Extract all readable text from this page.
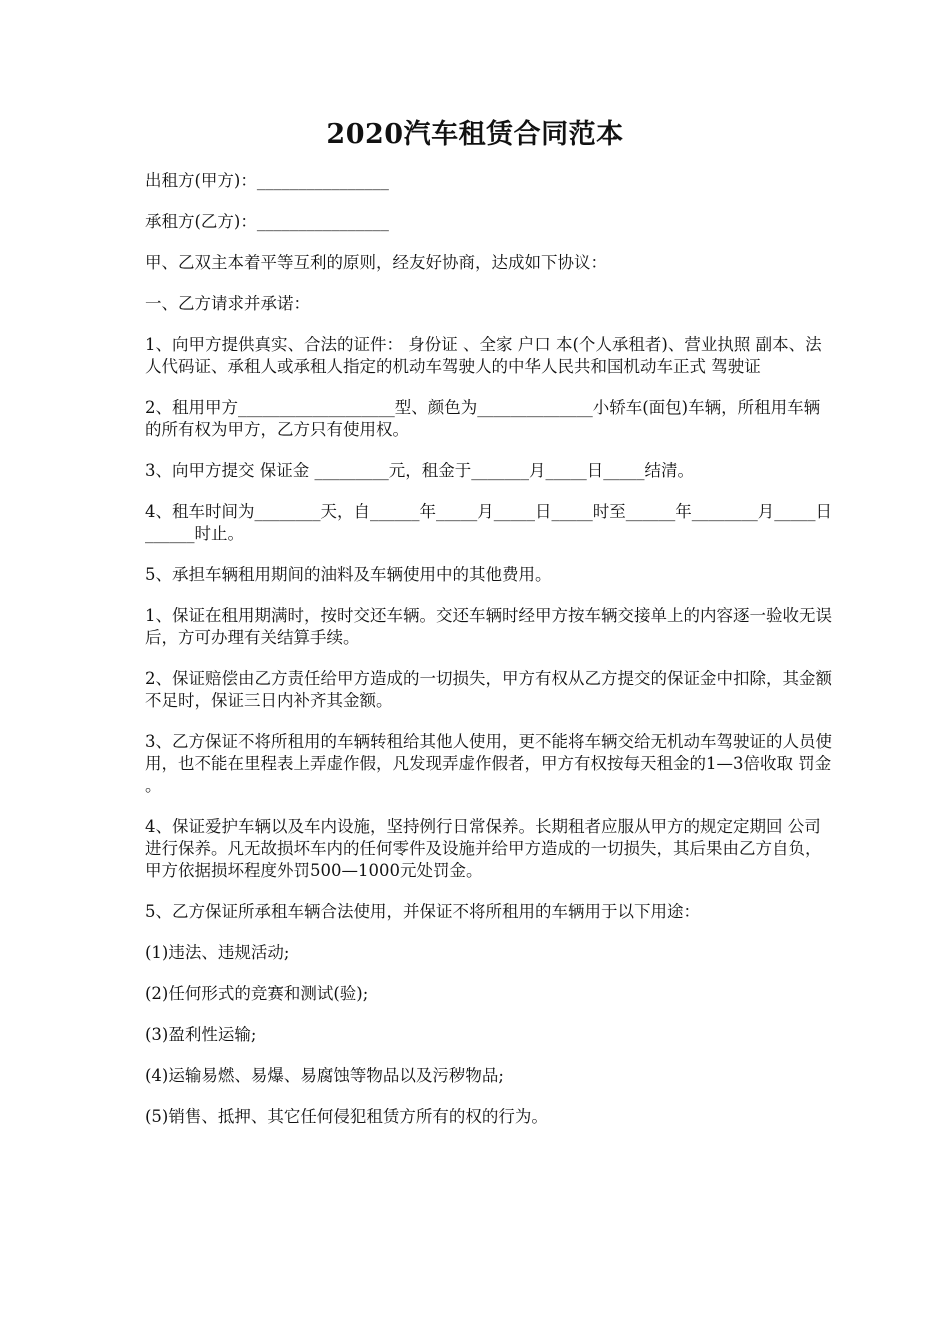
2020汽车租赁合同范本

出租方(甲方)：________________

承租方(乙方)：________________

甲、乙双主本着平等互利的原则，经友好协商，达成如下协议：

一、乙方请求并承诺：

1、向甲方提供真实、合法的证件： 身份证 、全家 户口 本(个人承租者)、营业执照 副本、法人代码证、承租人或承租人指定的机动车驾驶人的中华人民共和国机动车正式 驾驶证

2、租用甲方___________________型、颜色为______________小轿车(面包)车辆，所租用车辆的所有权为甲方，乙方只有使用权。

3、向甲方提交 保证金 _________元，租金于_______月_____日_____结清。

4、租车时间为________天，自______年_____月_____日_____时至______年________月_____日______时止。

5、承担车辆租用期间的油料及车辆使用中的其他费用。

1、保证在租用期满时，按时交还车辆。交还车辆时经甲方按车辆交接单上的内容逐一验收无误后，方可办理有关结算手续。

2、保证赔偿由乙方责任给甲方造成的一切损失，甲方有权从乙方提交的保证金中扣除，其金额不足时，保证三日内补齐其金额。

3、乙方保证不将所租用的车辆转租给其他人使用，更不能将车辆交给无机动车驾驶证的人员使用，也不能在里程表上弄虚作假，凡发现弄虚作假者，甲方有权按每天租金的1—3倍收取 罚金 。

4、保证爱护车辆以及车内设施，坚持例行日常保养。长期租者应服从甲方的规定定期回 公司 进行保养。凡无故损坏车内的任何零件及设施并给甲方造成的一切损失，其后果由乙方自负，甲方依据损坏程度外罚500—1000元处罚金。

5、乙方保证所承租车辆合法使用，并保证不将所租用的车辆用于以下用途：

(1)违法、违规活动;

(2)任何形式的竞赛和测试(验);

(3)盈利性运输;

(4)运输易燃、易爆、易腐蚀等物品以及污秽物品;

(5)销售、抵押、其它任何侵犯租赁方所有的权的行为。
